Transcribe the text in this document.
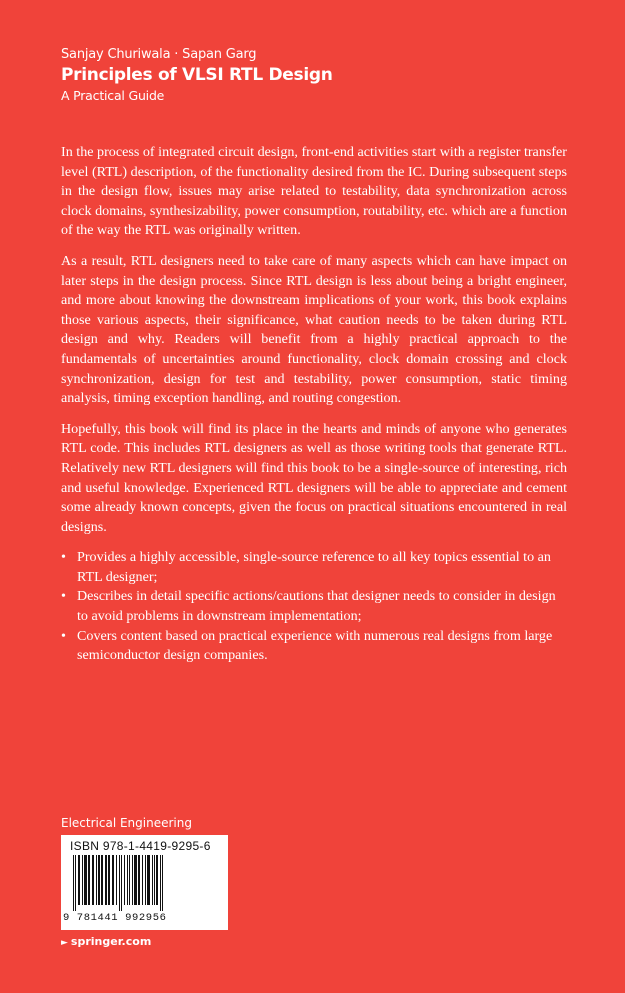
Sanjay Churiwala · Sapan Garg
Principles of VLSI RTL Design
A Practical Guide

In the process of integrated circuit design, front-end activities start with a register transfer level (RTL) description, of the functionality desired from the IC. During subsequent steps in the design flow, issues may arise related to testability, data synchronization across clock domains, synthesizability, power consumption, routability, etc. which are a function of the way the RTL was originally written.

As a result, RTL designers need to take care of many aspects which can have impact on later steps in the design process. Since RTL design is less about being a bright engineer, and more about knowing the downstream implications of your work, this book explains those various aspects, their significance, what caution needs to be taken during RTL design and why. Readers will benefit from a highly practical approach to the fundamentals of uncertainties around functionality, clock domain crossing and clock synchronization, design for test and testability, power consumption, static timing analysis, timing exception handling, and routing congestion.

Hopefully, this book will find its place in the hearts and minds of anyone who generates RTL code. This includes RTL designers as well as those writing tools that generate RTL. Relatively new RTL designers will find this book to be a single-source of interesting, rich and useful knowledge. Experienced RTL designers will be able to appreciate and cement some already known concepts, given the focus on practical situations encountered in real designs.

• Provides a highly accessible, single-source reference to all key topics essential to an RTL designer;
• Describes in detail specific actions/cautions that designer needs to consider in design to avoid problems in downstream implementation;
• Covers content based on practical experience with numerous real designs from large semiconductor design companies.
Electrical Engineering
ISBN 978-1-4419-9295-6
9 781441 992956
► springer.com
